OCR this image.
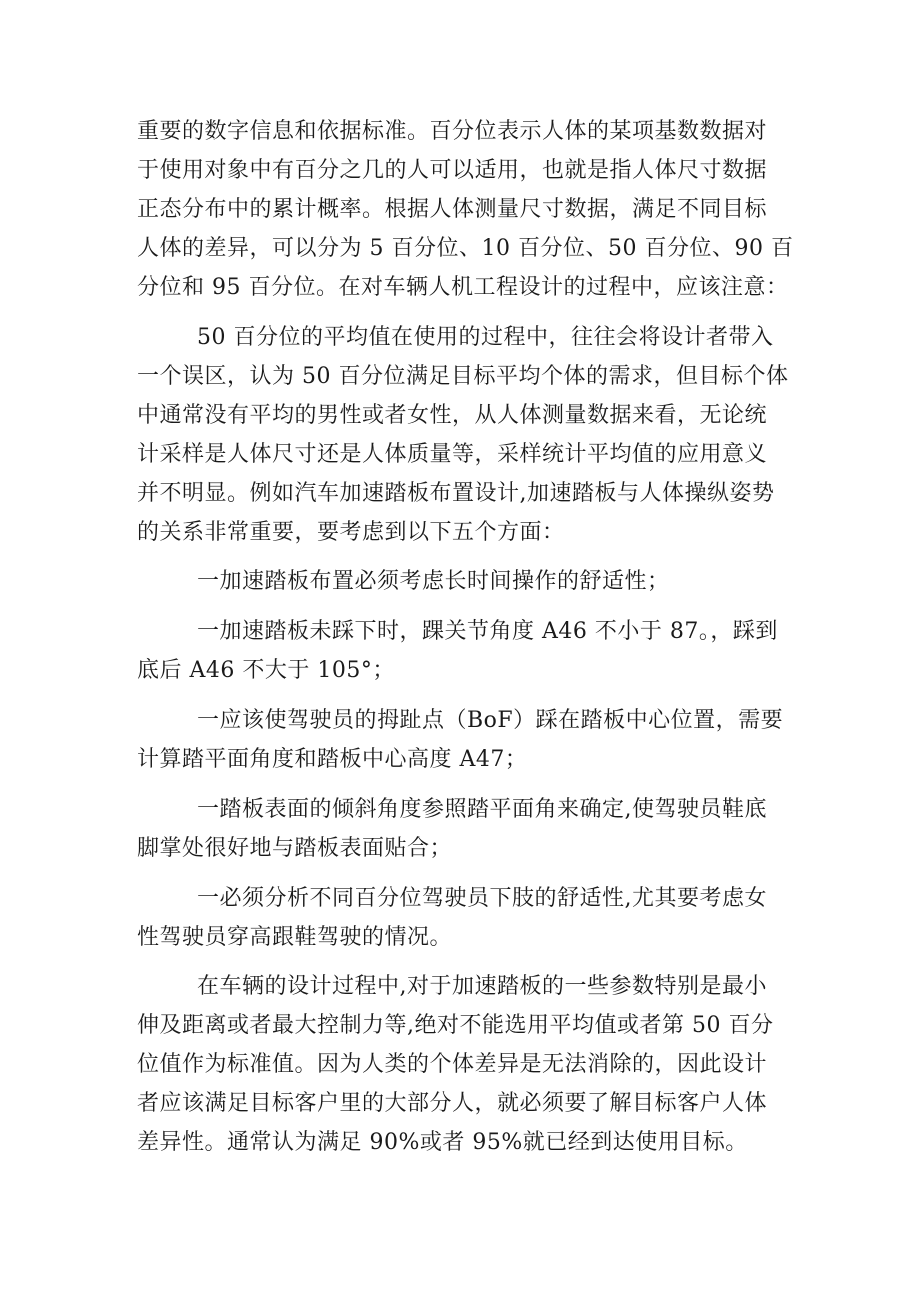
重要的数字信息和依据标准。百分位表示人体的某项基数数据对
于使用对象中有百分之几的人可以适用，也就是指人体尺寸数据
正态分布中的累计概率。根据人体测量尺寸数据，满足不同目标
人体的差异，可以分为 5 百分位、10 百分位、50 百分位、90 百
分位和 95 百分位。在对车辆人机工程设计的过程中，应该注意：
50 百分位的平均值在使用的过程中，往往会将设计者带入
一个误区，认为 50 百分位满足目标平均个体的需求，但目标个体
中通常没有平均的男性或者女性，从人体测量数据来看，无论统
计采样是人体尺寸还是人体质量等，采样统计平均值的应用意义
并不明显。例如汽车加速踏板布置设计,加速踏板与人体操纵姿势
的关系非常重要，要考虑到以下五个方面：
一加速踏板布置必须考虑长时间操作的舒适性；
一加速踏板未踩下时，踝关节角度 A46 不小于 87。，踩到
底后 A46 不大于 105°；
一应该使驾驶员的拇趾点（BoF）踩在踏板中心位置，需要
计算踏平面角度和踏板中心高度 A47；
一踏板表面的倾斜角度参照踏平面角来确定,使驾驶员鞋底
脚掌处很好地与踏板表面贴合；
一必须分析不同百分位驾驶员下肢的舒适性,尤其要考虑女
性驾驶员穿高跟鞋驾驶的情况。
在车辆的设计过程中,对于加速踏板的一些参数特别是最小
伸及距离或者最大控制力等,绝对不能选用平均值或者第 50 百分
位值作为标准值。因为人类的个体差异是无法消除的，因此设计
者应该满足目标客户里的大部分人，就必须要了解目标客户人体
差异性。通常认为满足 90%或者 95%就已经到达使用目标。
